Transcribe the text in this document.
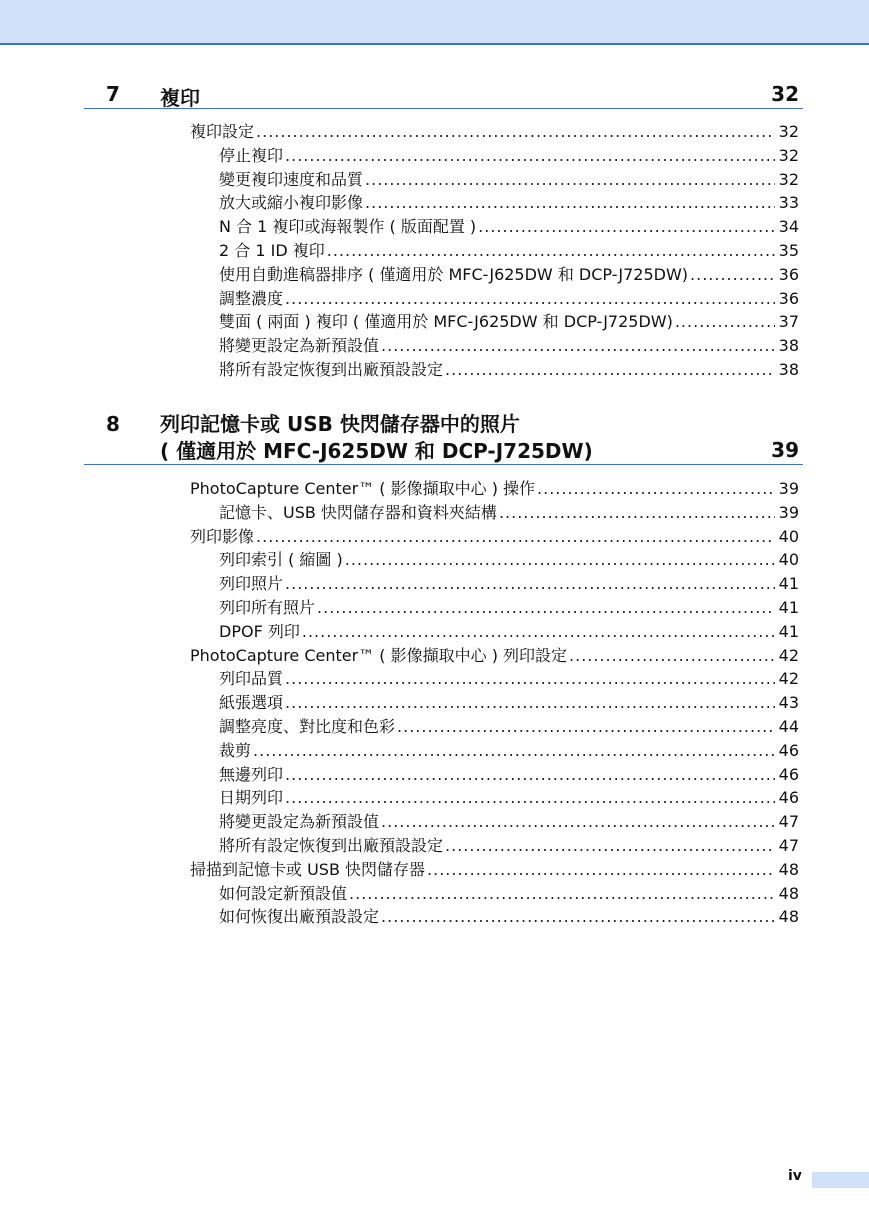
7 複印	32
複印設定 .....	32
停止複印 .....	32
變更複印速度和品質 .....	32
放大或縮小複印影像 .....	33
N 合 1 複印或海報製作 ( 版面配置 ) .....	34
2 合 1 ID 複印 .....	35
使用自動進稿器排序 ( 僅適用於 MFC-J625DW 和 DCP-J725DW) .....	36
調整濃度 .....	36
雙面 ( 兩面 ) 複印 ( 僅適用於 MFC-J625DW 和 DCP-J725DW) .....	37
將變更設定為新預設值 .....	38
將所有設定恢復到出廠預設設定 .....	38
8 列印記憶卡或 USB 快閃儲存器中的照片
( 僅適用於 MFC-J625DW 和 DCP-J725DW)	39
PhotoCapture Center™ ( 影像擷取中心 ) 操作 .....	39
記憶卡、USB 快閃儲存器和資料夾結構 .....	39
列印影像 .....	40
列印索引 ( 縮圖 ) .....	40
列印照片 .....	41
列印所有照片 .....	41
DPOF 列印 .....	41
PhotoCapture Center™ ( 影像擷取中心 ) 列印設定 .....	42
列印品質 .....	42
紙張選項 .....	43
調整亮度、對比度和色彩 .....	44
裁剪 .....	46
無邊列印 .....	46
日期列印 .....	46
將變更設定為新預設值 .....	47
將所有設定恢復到出廠預設設定 .....	47
掃描到記憶卡或 USB 快閃儲存器 .....	48
如何設定新預設值 .....	48
如何恢復出廠預設設定 .....	48
iv
